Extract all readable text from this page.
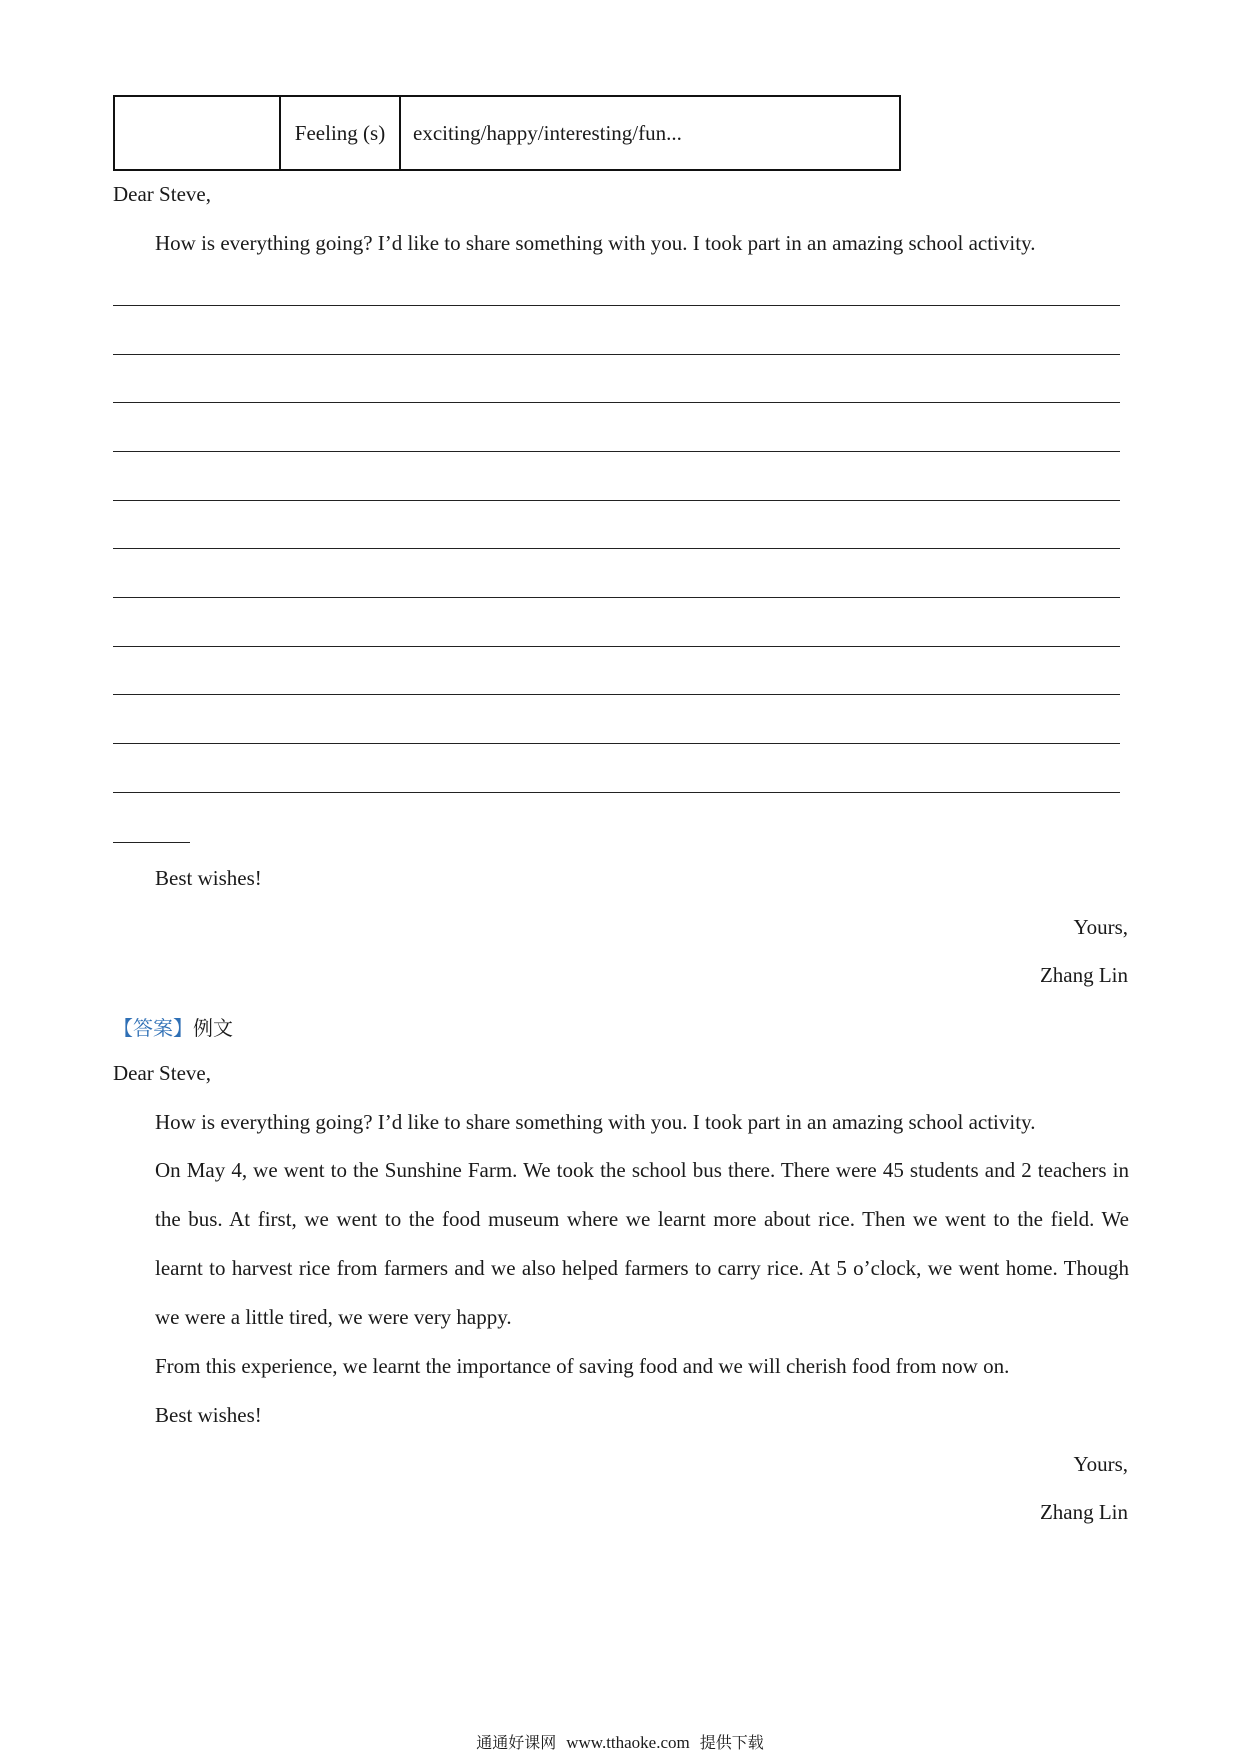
	Feeling (s)	exciting/happy/interesting/fun...
Dear Steve,
How is everything going? I’d like to share something with you. I took part in an amazing school activity.
Best wishes!
Yours,
Zhang Lin
【答案】例文
Dear Steve,
How is everything going? I’d like to share something with you. I took part in an amazing school activity.
On May 4, we went to the Sunshine Farm. We took the school bus there. There were 45 students and 2 teachers in the bus. At first, we went to the food museum where we learnt more about rice. Then we went to the field. We learnt to harvest rice from farmers and we also helped farmers to carry rice. At 5 o’clock, we went home. Though we were a little tired, we were very happy.
From this experience, we learnt the importance of saving food and we will cherish food from now on.
Best wishes!
Yours,
Zhang Lin
通通好课网 www.tthaoke.com 提供下载
